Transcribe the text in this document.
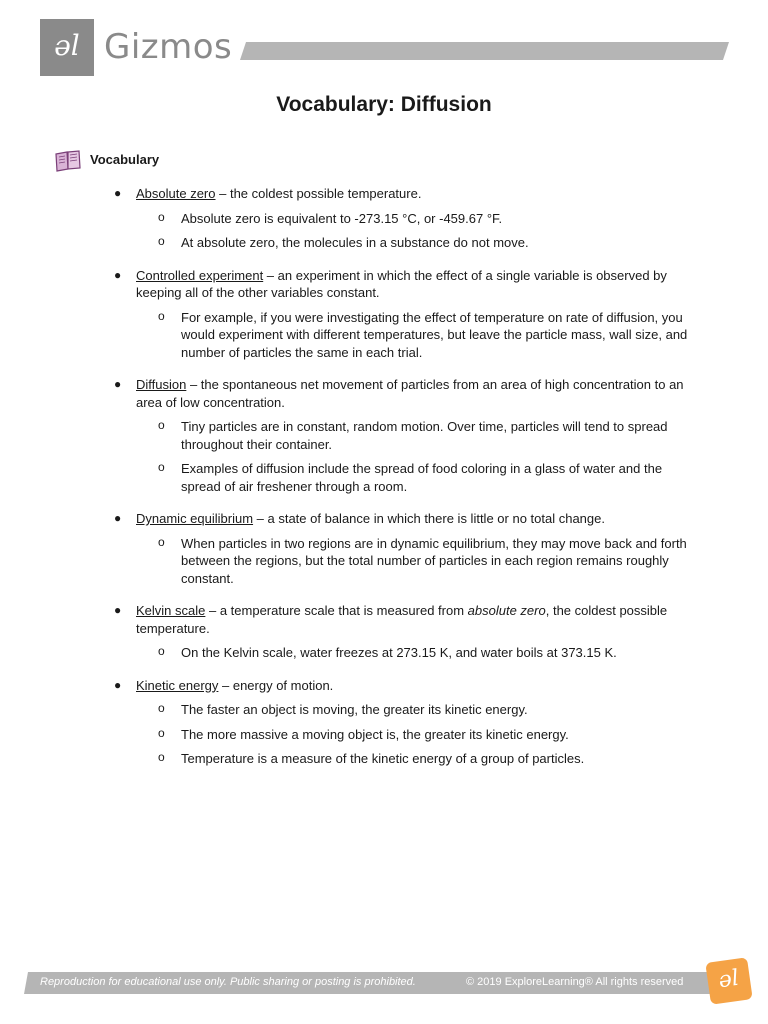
ǝl Gizmos
Vocabulary: Diffusion
Vocabulary
● Absolute zero – the coldest possible temperature.
o Absolute zero is equivalent to -273.15 °C, or -459.67 °F.
o At absolute zero, the molecules in a substance do not move.
● Controlled experiment – an experiment in which the effect of a single variable is observed by keeping all of the other variables constant.
o For example, if you were investigating the effect of temperature on rate of diffusion, you would experiment with different temperatures, but leave the particle mass, wall size, and number of particles the same in each trial.
● Diffusion – the spontaneous net movement of particles from an area of high concentration to an area of low concentration.
o Tiny particles are in constant, random motion. Over time, particles will tend to spread throughout their container.
o Examples of diffusion include the spread of food coloring in a glass of water and the spread of air freshener through a room.
● Dynamic equilibrium – a state of balance in which there is little or no total change.
o When particles in two regions are in dynamic equilibrium, they may move back and forth between the regions, but the total number of particles in each region remains roughly constant.
● Kelvin scale – a temperature scale that is measured from absolute zero, the coldest possible temperature.
o On the Kelvin scale, water freezes at 273.15 K, and water boils at 373.15 K.
● Kinetic energy – energy of motion.
o The faster an object is moving, the greater its kinetic energy.
o The more massive a moving object is, the greater its kinetic energy.
o Temperature is a measure of the kinetic energy of a group of particles.
Reproduction for educational use only. Public sharing or posting is prohibited.	© 2019 ExploreLearning® All rights reserved	ǝl
